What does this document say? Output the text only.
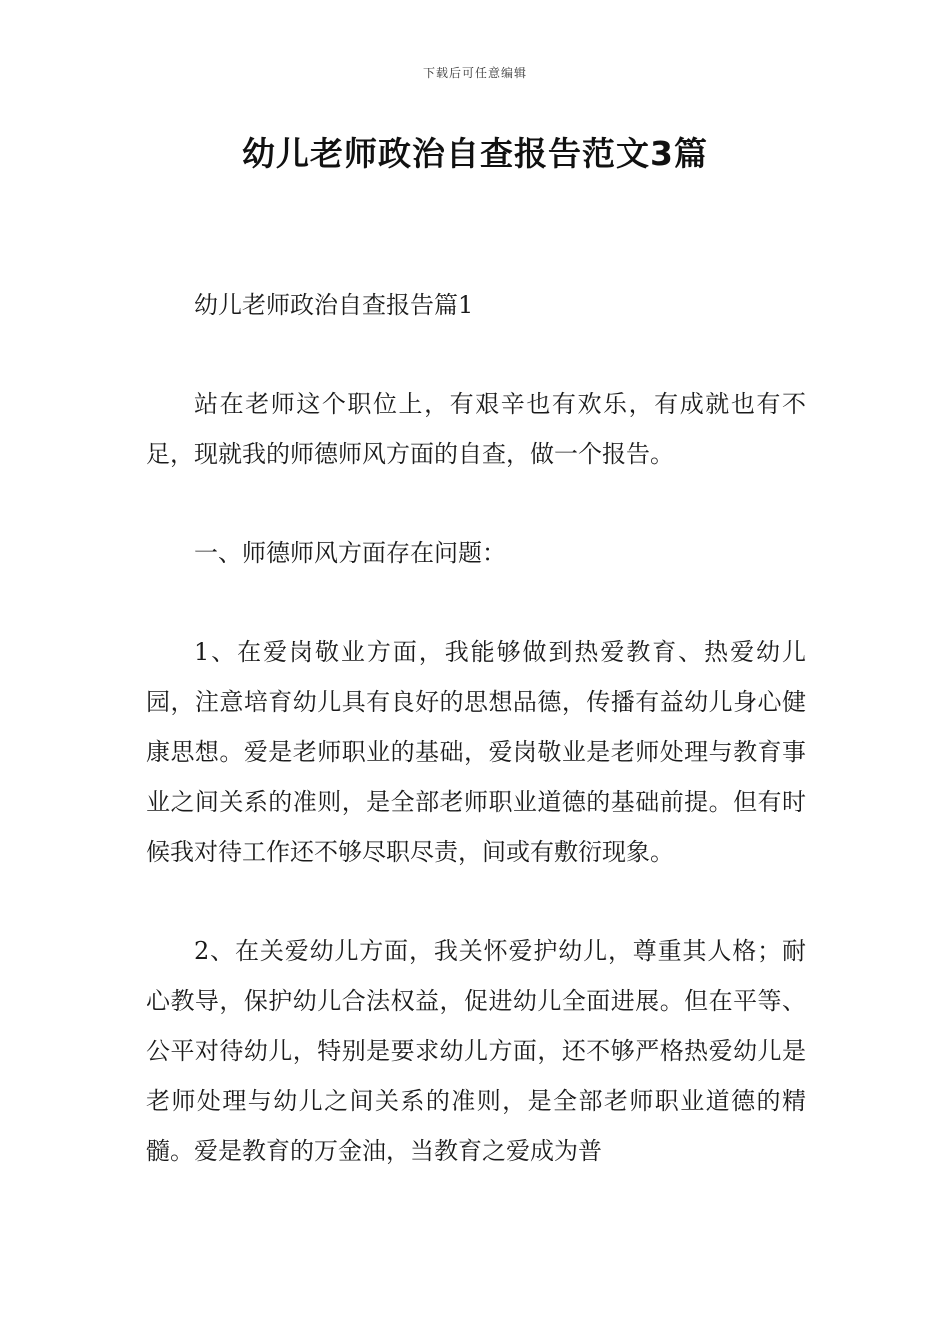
下载后可任意编辑
幼儿老师政治自查报告范文3篇

幼儿老师政治自查报告篇1

站在老师这个职位上，有艰辛也有欢乐，有成就也有不足，现就我的师德师风方面的自查，做一个报告。

一、师德师风方面存在问题：

1、在爱岗敬业方面，我能够做到热爱教育、热爱幼儿园，注意培育幼儿具有良好的思想品德，传播有益幼儿身心健康思想。爱是老师职业的基础，爱岗敬业是老师处理与教育事业之间关系的准则，是全部老师职业道德的基础前提。但有时候我对待工作还不够尽职尽责，间或有敷衍现象。

2、在关爱幼儿方面，我关怀爱护幼儿，尊重其人格；耐心教导，保护幼儿合法权益，促进幼儿全面进展。但在平等、公平对待幼儿，特别是要求幼儿方面，还不够严格热爱幼儿是老师处理与幼儿之间关系的准则，是全部老师职业道德的精髓。爱是教育的万金油，当教育之爱成为普
